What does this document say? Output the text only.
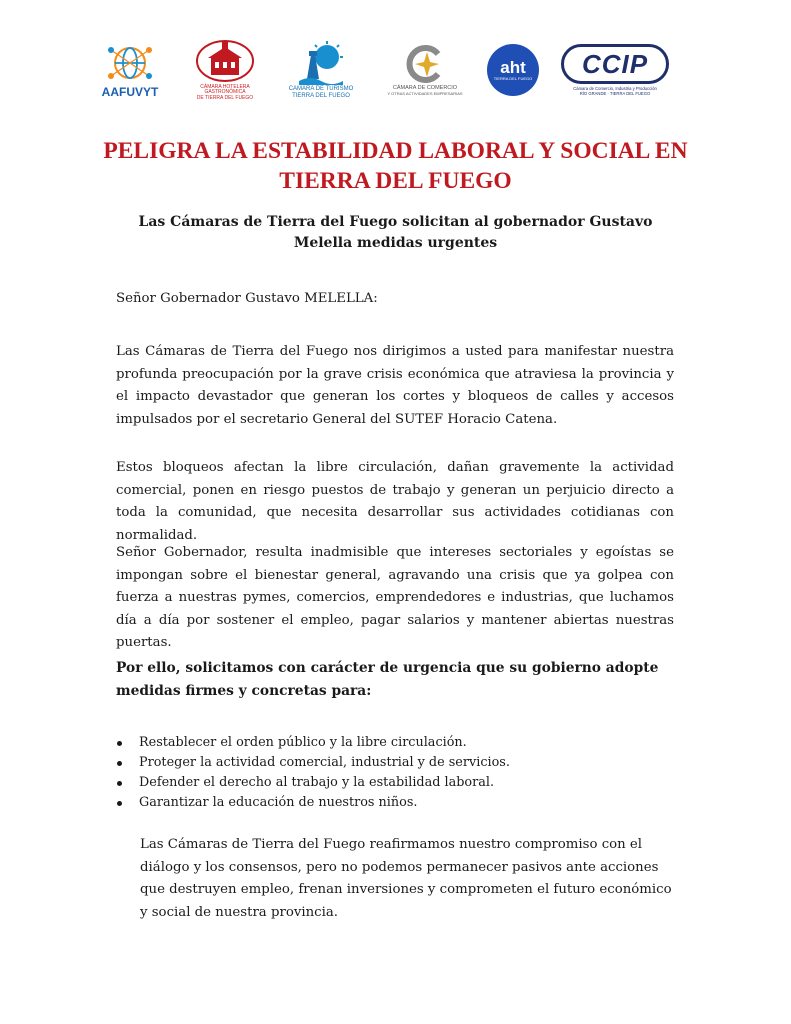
AAFUVYT	CÁMARA HOTELERA GASTRONÓMICA
DE TIERRA DEL FUEGO
CAMARA DE TURISMO
TIERRA DEL FUEGO
CÁMARA DE COMERCIO
Y OTRAS ACTIVIDADES EMPRESARIAS
aht
TIERRA DEL FUEGO CCIP
Cámara de Comercio, Industria y Producción
RÍO GRANDE · TIERRA DEL FUEGO
PELIGRA LA ESTABILIDAD LABORAL Y SOCIAL EN TIERRA DEL FUEGO
Las Cámaras de Tierra del Fuego solicitan al gobernador Gustavo Melella medidas urgentes

Señor Gobernador Gustavo MELELLA:

Las Cámaras de Tierra del Fuego nos dirigimos a usted para manifestar nuestra profunda preocupación por la grave crisis económica que atraviesa la provincia y el impacto devastador que generan los cortes y bloqueos de calles y accesos impulsados por el secretario General del SUTEF Horacio Catena.

Estos bloqueos afectan la libre circulación, dañan gravemente la actividad comercial, ponen en riesgo puestos de trabajo y generan un perjuicio directo a toda la comunidad, que necesita desarrollar sus actividades cotidianas con normalidad.

Señor Gobernador, resulta inadmisible que intereses sectoriales y egoístas se impongan sobre el bienestar general, agravando una crisis que ya golpea con fuerza a nuestras pymes, comercios, emprendedores e industrias, que luchamos día a día por sostener el empleo, pagar salarios y mantener abiertas nuestras puertas.

Por ello, solicitamos con carácter de urgencia que su gobierno adopte medidas firmes y concretas para:

Restablecer el orden público y la libre circulación.
Proteger la actividad comercial, industrial y de servicios.
Defender el derecho al trabajo y la estabilidad laboral.
Garantizar la educación de nuestros niños.

Las Cámaras de Tierra del Fuego reafirmamos nuestro compromiso con el diálogo y los consensos, pero no podemos permanecer pasivos ante acciones que destruyen empleo, frenan inversiones y comprometen el futuro económico y social de nuestra provincia.
